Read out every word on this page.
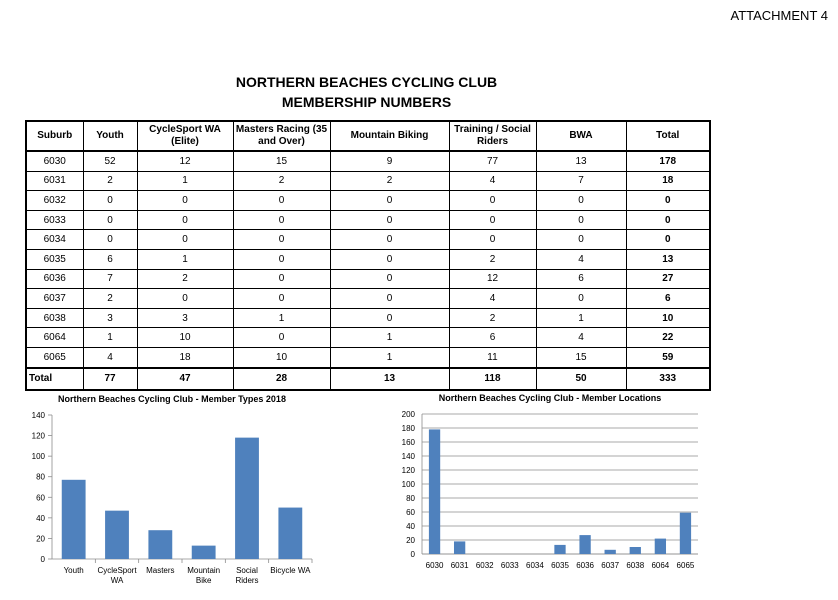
ATTACHMENT 4
NORTHERN BEACHES CYCLING CLUB
MEMBERSHIP NUMBERS
Suburb	Youth	CycleSport WA (Elite)	Masters Racing (35 and Over)	Mountain Biking	Training / Social Riders	BWA	Total
6030	52	12	15	9	77	13	178
6031	2	1	2	2	4	7	18
6032	0	0	0	0	0	0	0
6033	0	0	0	0	0	0	0
6034	0	0	0	0	0	0	0
6035	6	1	0	0	2	4	13
6036	7	2	0	0	12	6	27
6037	2	0	0	0	4	0	6
6038	3	3	1	0	2	1	10
6064	1	10	0	1	6	4	22
6065	4	18	10	1	11	15	59
Total	77	47	28	13	118	50	333
Northern Beaches Cycling Club - Member Types 2018
0
20
40
60
80
100
120
140
Youth CycleSport WA
Masters Mountain Bike
Social Riders
Bicycle WA
Northern Beaches Cycling Club - Member Locations
0
20
40
60
80
100
120
140
160
180
200
6030 6031 6032 6033 6034 6035 6036 6037 6038 6064 6065
